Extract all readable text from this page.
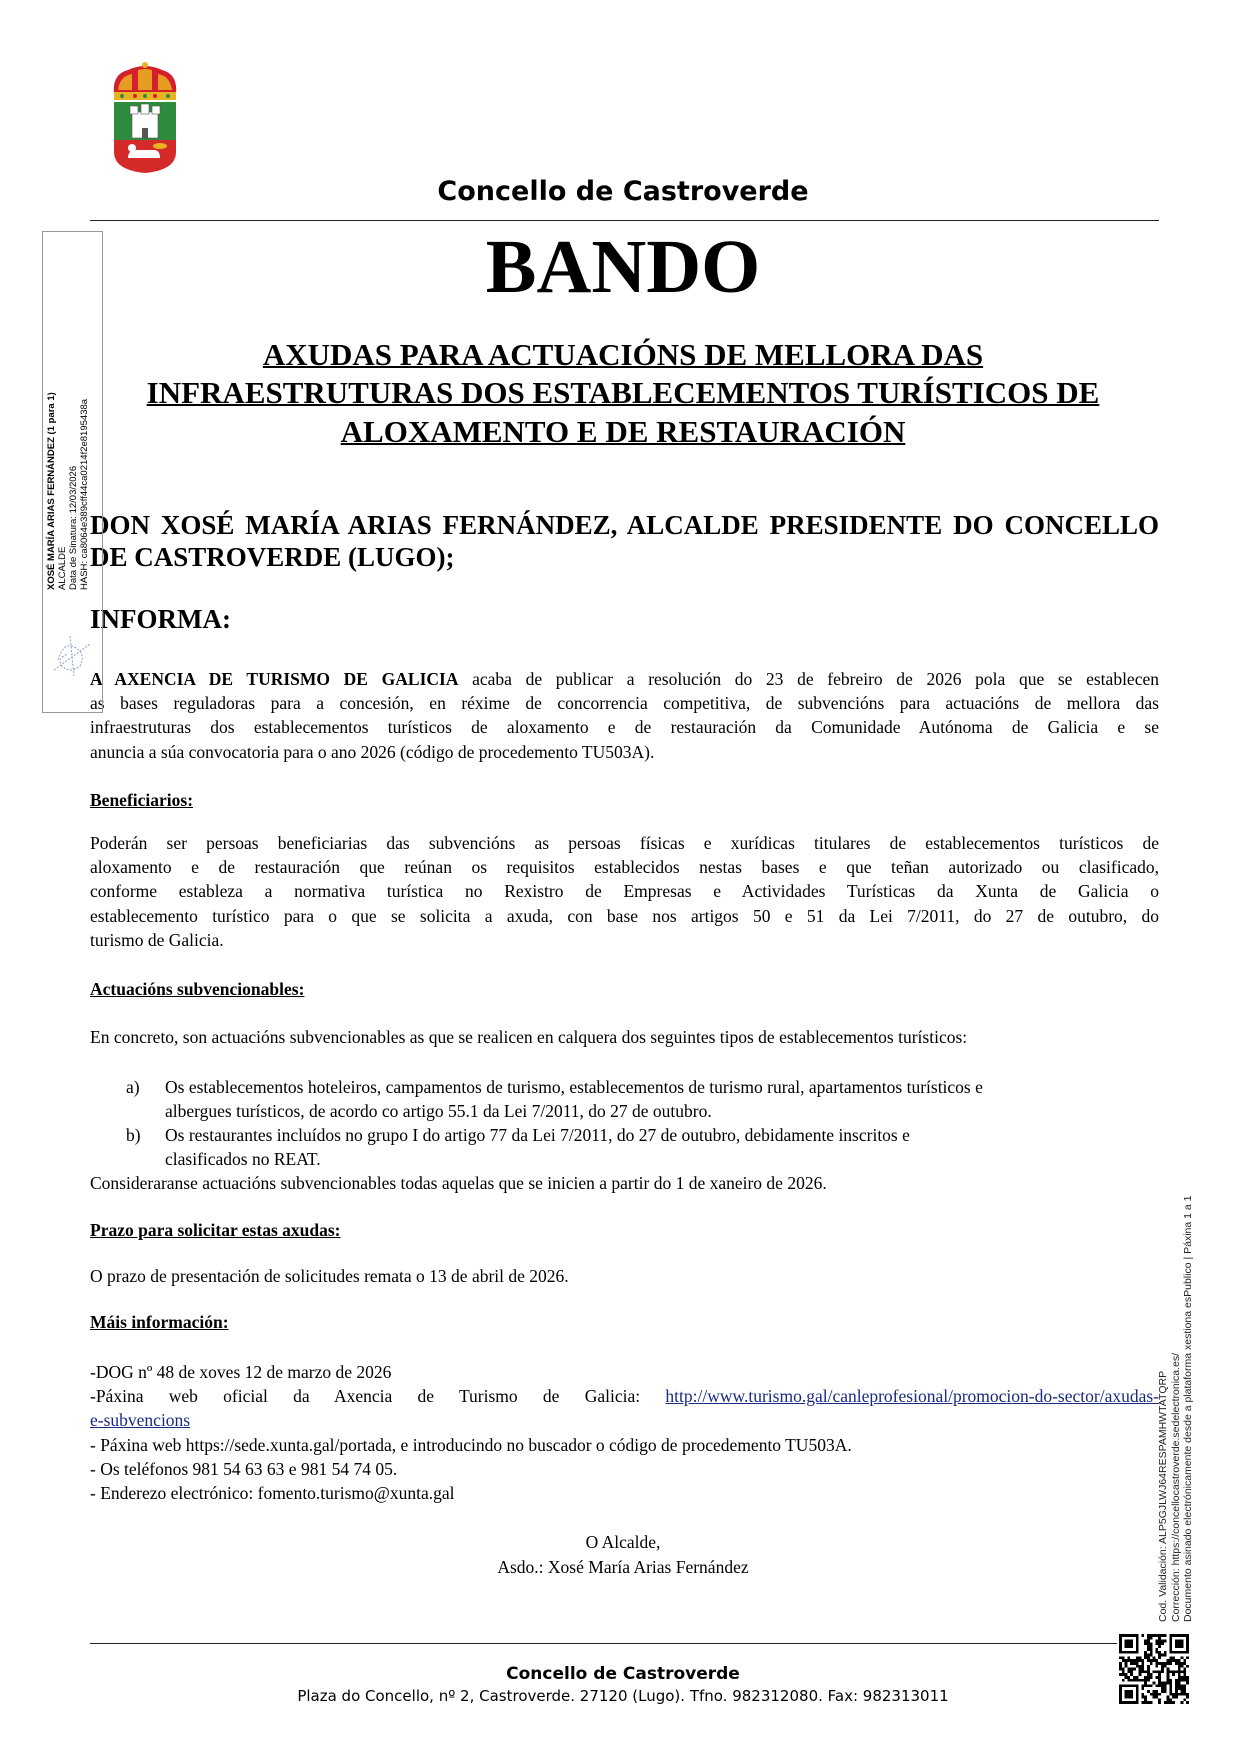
Concello de Castroverde
BANDO
AXUDAS PARA ACTUACIÓNS DE MELLORA DAS
INFRAESTRUTURAS DOS ESTABLECEMENTOS TURÍSTICOS DE
ALOXAMENTO E DE RESTAURACIÓN
DON XOSÉ MARÍA ARIAS FERNÁNDEZ, ALCALDE PRESIDENTE DO CONCELLO
DE CASTROVERDE (LUGO);
INFORMA:
A AXENCIA DE TURISMO DE GALICIA acaba de publicar a resolución do 23 de febreiro de 2026 pola que se establecen
as bases reguladoras para a concesión, en réxime de concorrencia competitiva, de subvencións para actuacións de mellora das
infraestruturas dos establecementos turísticos de aloxamento e de restauración da Comunidade Autónoma de Galicia e se
anuncia a súa convocatoria para o ano 2026 (código de procedemento TU503A).
Beneficiarios:
Poderán ser persoas beneficiarias das subvencións as persoas físicas e xurídicas titulares de establecementos turísticos de
aloxamento e de restauración que reúnan os requisitos establecidos nestas bases e que teñan autorizado ou clasificado,
conforme estableza a normativa turística no Rexistro de Empresas e Actividades Turísticas da Xunta de Galicia o
establecemento turístico para o que se solicita a axuda, con base nos artigos 50 e 51 da Lei 7/2011, do 27 de outubro, do
turismo de Galicia.
Actuacións subvencionables:
En concreto, son actuacións subvencionables as que se realicen en calquera dos seguintes tipos de establecementos turísticos:
a) Os establecementos hoteleiros, campamentos de turismo, establecementos de turismo rural, apartamentos turísticos e
albergues turísticos, de acordo co artigo 55.1 da Lei 7/2011, do 27 de outubro.
b) Os restaurantes incluídos no grupo I do artigo 77 da Lei 7/2011, do 27 de outubro, debidamente inscritos e
clasificados no REAT.
Consideraranse actuacións subvencionables todas aquelas que se inicien a partir do 1 de xaneiro de 2026.
Prazo para solicitar estas axudas:
O prazo de presentación de solicitudes remata o 13 de abril de 2026.
Máis información:
-DOG nº 48 de xoves 12 de marzo de 2026
-Páxina web oficial da Axencia de Turismo de Galicia: http://www.turismo.gal/canleprofesional/promocion-do-sector/axudas-
e-subvencions
- Páxina web https://sede.xunta.gal/portada, e introducindo no buscador o código de procedemento TU503A.
- Os teléfonos 981 54 63 63 e 981 54 74 05.
- Enderezo electrónico: fomento.turismo@xunta.gal
O Alcalde,
Asdo.: Xosé María Arias Fernández
Concello de Castroverde
Plaza do Concello, nº 2, Castroverde. 27120 (Lugo). Tfno. 982312080. Fax: 982313011
XOSÉ MARÍA ARIAS FERNÁNDEZ (1 para 1) ALCALDE Data de Sinatura: 12/03/2026 HASH: ca8064e389cff44ca0214f2e8195438a
Cod. Validación: ALP5GJLWJ64RESPAMHWTATQRP Corrección: https://concellocastroverde.sedelectronica.es/ Documento asinado electrónicamente desde a plataforma xestiona esPublico | Páxina 1 a 1
